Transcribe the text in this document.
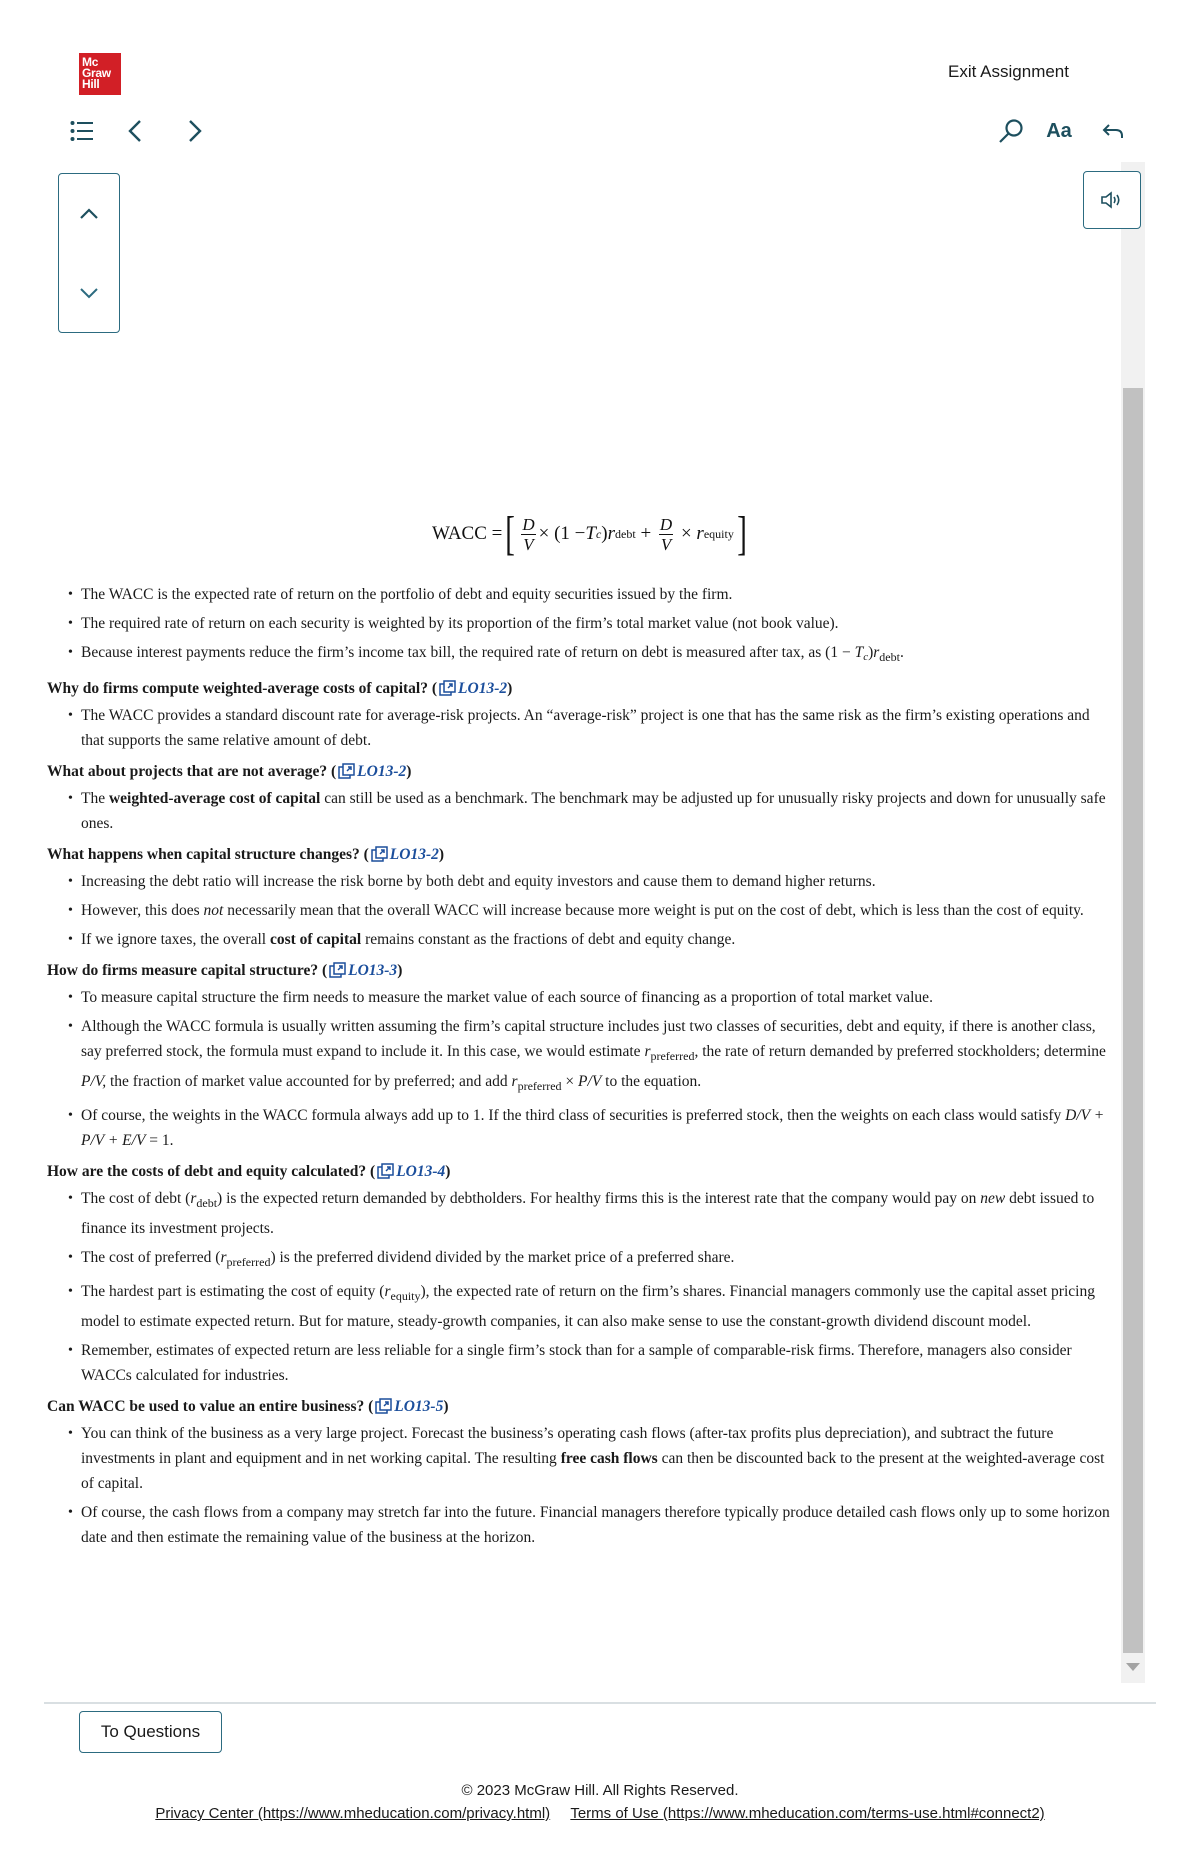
Mc
Graw
Hill
Exit Assignment
Aa
WACC = [ $\frac{D}{V} \times (1 - T$ c ) r debt + $\frac{D}{V} \times r$ equity ]
• The WACC is the expected rate of return on the portfolio of debt and equity securities issued by the firm.
• The required rate of return on each security is weighted by its proportion of the firm’s total market value (not book value).
• Because interest payments reduce the firm’s income tax bill, the required rate of return on debt is measured after tax, as $(1 - Tc)r_{debt}$.
Why do firms compute weighted-average costs of capital? ( LO13-2)
• The WACC provides a standard discount rate for average-risk projects. An “average-risk” project is one that has the same risk as the firm’s existing operations and that supports the same relative amount of debt.
What about projects that are not average? ( LO13-2)
• The weighted-average cost of capital can still be used as a benchmark. The benchmark may be adjusted up for unusually risky projects and down for unusually safe ones.
What happens when capital structure changes? ( LO13-2)
• Increasing the debt ratio will increase the risk borne by both debt and equity investors and cause them to demand higher returns.
• However, this does not necessarily mean that the overall WACC will increase because more weight is put on the cost of debt, which is less than the cost of equity.
• If we ignore taxes, the overall cost of capital remains constant as the fractions of debt and equity change.
How do firms measure capital structure? ( LO13-3)
• To measure capital structure the firm needs to measure the market value of each source of financing as a proportion of total market value.
• Although the WACC formula is usually written assuming the firm’s capital structure includes just two classes of securities, debt and equity, if there is another class, say preferred stock, the formula must expand to include it. In this case, we would estimate $r_{preferred}$, the rate of return demanded by preferred stockholders; determine P/V, the fraction of market value accounted for by preferred; and add $r_{preferred} \times P/V$ to the equation.
• Of course, the weights in the WACC formula always add up to 1. If the third class of securities is preferred stock, then the weights on each class would satisfy D/V + P/V + E/V = 1.
How are the costs of debt and equity calculated? ( LO13-4)
• The cost of debt $(r_{debt})$ is the expected return demanded by debtholders. For healthy firms this is the interest rate that the company would pay on new debt issued to finance its investment projects.
• The cost of preferred $(r_{preferred})$ is the preferred dividend divided by the market price of a preferred share.
• The hardest part is estimating the cost of equity $(r_{equity})$, the expected rate of return on the firm’s shares. Financial managers commonly use the capital asset pricing model to estimate expected return. But for mature, steady-growth companies, it can also make sense to use the constant-growth dividend discount model.
• Remember, estimates of expected return are less reliable for a single firm’s stock than for a sample of comparable-risk firms. Therefore, managers also consider WACCs calculated for industries.
Can WACC be used to value an entire business? ( LO13-5)
• You can think of the business as a very large project. Forecast the business’s operating cash flows (after-tax profits plus depreciation), and subtract the future investments in plant and equipment and in net working capital. The resulting free cash flows can then be discounted back to the present at the weighted-average cost of capital.
• Of course, the cash flows from a company may stretch far into the future. Financial managers therefore typically produce detailed cash flows only up to some horizon date and then estimate the remaining value of the business at the horizon.
To Questions
© 2023 McGraw Hill. All Rights Reserved.
Privacy Center (https://www.mheducation.com/privacy.html) Terms of Use (https://www.mheducation.com/terms-use.html#connect2)
